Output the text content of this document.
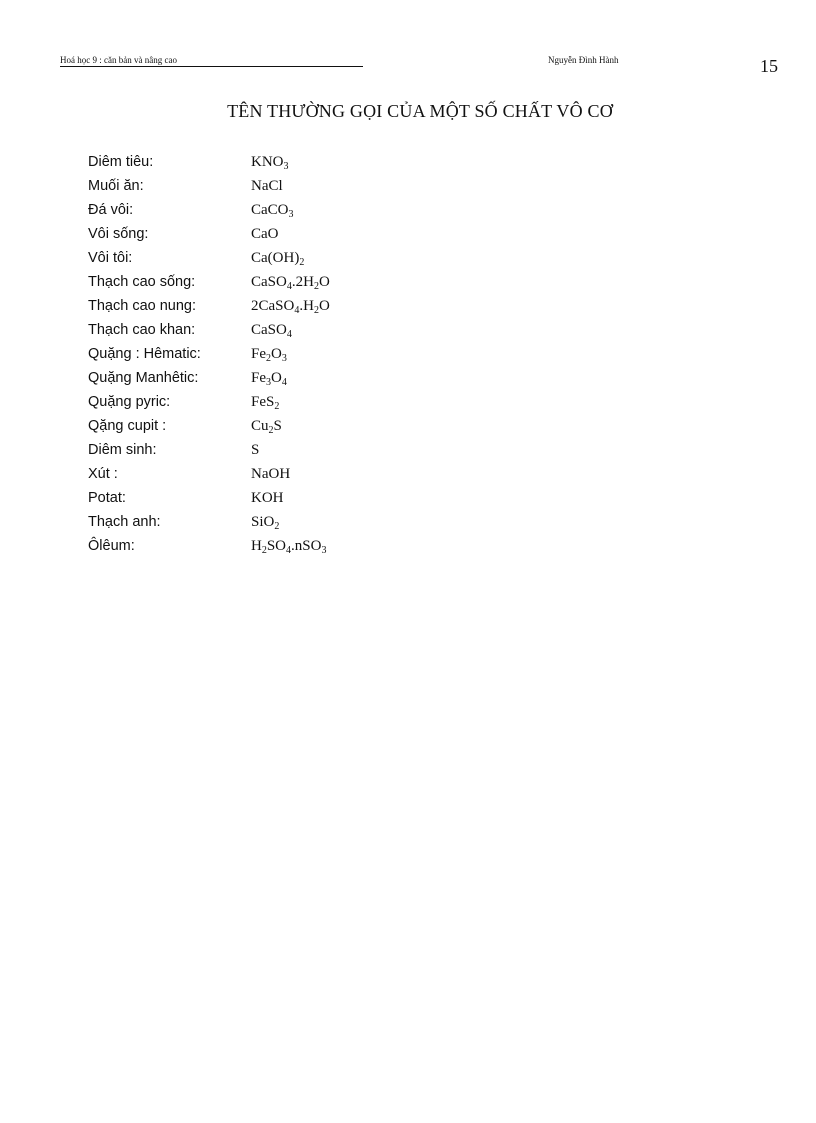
Hoá học 9 : căn bản và nâng cao	Nguyễn Đình Hành	15
TÊN THƯỜNG GỌI CỦA MỘT SỐ CHẤT VÔ CƠ
Diêm tiêu:	$KNO_3$
Muối ăn:	NaCl
Đá vôi:	CaCO$_3$
Vôi sống:	CaO
Vôi tôi:	$Ca(OH)_2$
Thạch cao sống:	$CaSO_4.2H_2O$
Thạch cao nung:	$2CaSO_4.H_2O$
Thạch cao khan:	CaSO$_4$
Quặng : Hêmatic:	$Fe_2O_3$
Quặng Manhêtic:	$Fe_3O_4$
Quặng pyric:	FeS$_2$
Qặng cupit :	$Cu_2S$
Diêm sinh:	S
Xút :	NaOH
Potat:	KOH
Thạch anh:	SiO$_2$
Ôlêum:	$H_2SO_4.nSO_3$
